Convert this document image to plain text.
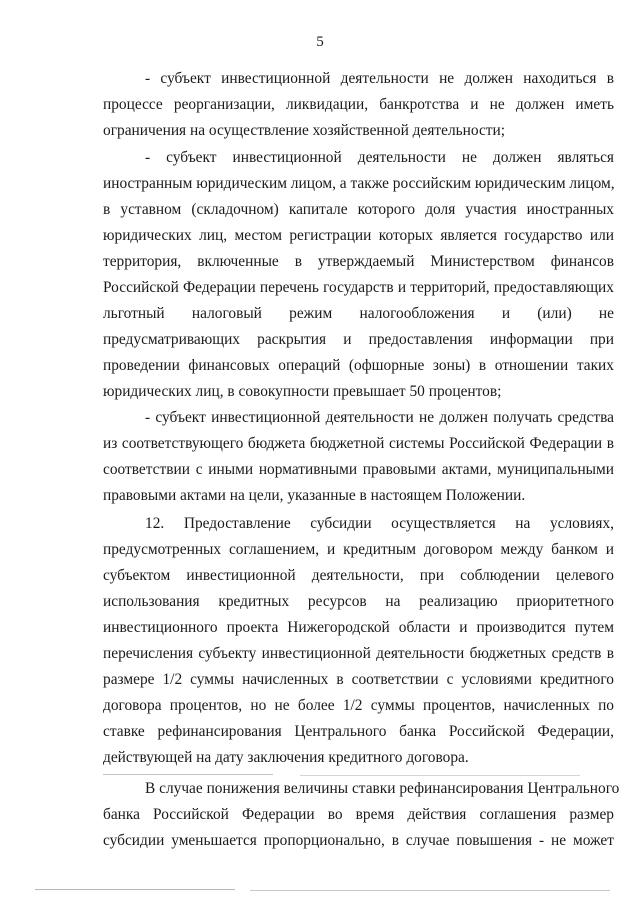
5
- субъект инвестиционной деятельности не должен находиться в
процессе реорганизации, ликвидации, банкротства и не должен иметь
ограничения на осуществление хозяйственной деятельности;
- субъект инвестиционной деятельности не должен являться
иностранным юридическим лицом, а также российским юридическим лицом,
в уставном (складочном) капитале которого доля участия иностранных
юридических лиц, местом регистрации которых является государство или
территория, включенные в утверждаемый Министерством финансов
Российской Федерации перечень государств и территорий, предоставляющих
льготный налоговый режим налогообложения и (или) не
предусматривающих раскрытия и предоставления информации при
проведении финансовых операций (офшорные зоны) в отношении таких
юридических лиц, в совокупности превышает 50 процентов;
- субъект инвестиционной деятельности не должен получать средства
из соответствующего бюджета бюджетной системы Российской Федерации в
соответствии с иными нормативными правовыми актами, муниципальными
правовыми актами на цели, указанные в настоящем Положении.
12. Предоставление субсидии осуществляется на условиях,
предусмотренных соглашением, и кредитным договором между банком и
субъектом инвестиционной деятельности, при соблюдении целевого
использования кредитных ресурсов на реализацию приоритетного
инвестиционного проекта Нижегородской области и производится путем
перечисления субъекту инвестиционной деятельности бюджетных средств в
размере 1/2 суммы начисленных в соответствии с условиями кредитного
договора процентов, но не более 1/2 суммы процентов, начисленных по
ставке рефинансирования Центрального банка Российской Федерации,
действующей на дату заключения кредитного договора.
В случае понижения величины ставки рефинансирования Центрального
банка Российской Федерации во время действия соглашения размер
субсидии уменьшается пропорционально, в случае повышения - не может
